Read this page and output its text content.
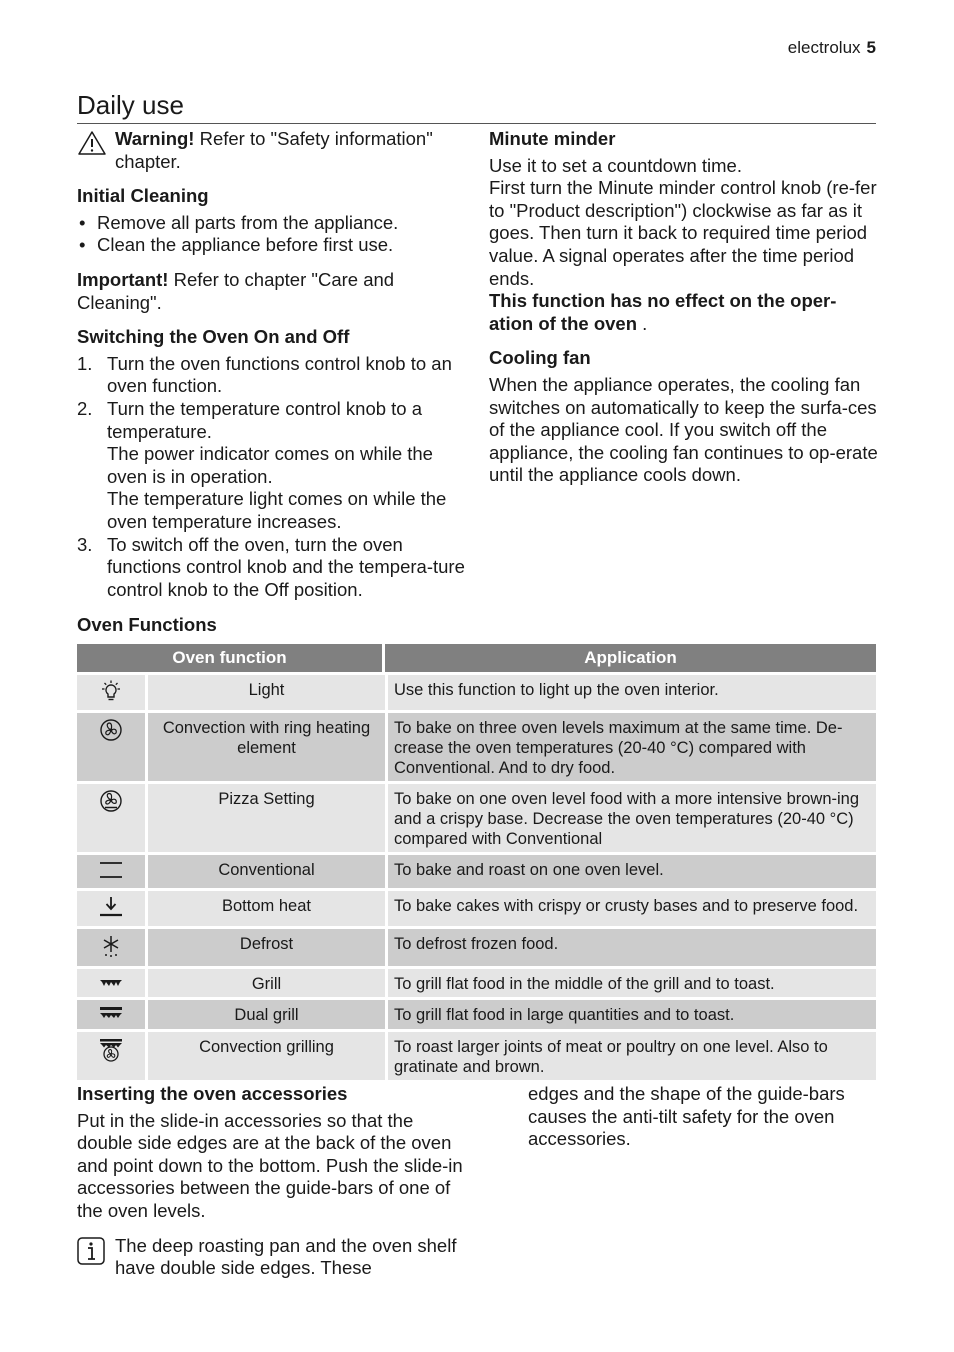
electrolux 5
Daily use
Warning! Refer to "Safety information" chapter.
Initial Cleaning
• Remove all parts from the appliance.
• Clean the appliance before first use.

Important! Refer to chapter "Care and Cleaning".

Switching the Oven On and Off
1. Turn the oven functions control knob to an oven function.
2. Turn the temperature control knob to a temperature.
The power indicator comes on while the oven is in operation.
The temperature light comes on while the oven temperature increases.
3. To switch off the oven, turn the oven functions control knob and the tempera-ture control knob to the Off position.
Minute minder

Use it to set a countdown time.

First turn the Minute minder control knob (re-fer to "Product description") clockwise as far as it goes. Then turn it back to required time period value. A signal operates after the time period ends.

This function has no effect on the oper-ation of the oven .

Cooling fan

When the appliance operates, the cooling fan switches on automatically to keep the surfa-ces of the appliance cool. If you switch off the appliance, the cooling fan continues to op-erate until the appliance cools down.

Oven Functions
Oven function		Application
	Light	Use this function to light up the oven interior.
	Convection with ring heating element	To bake on three oven levels maximum at the same time. De-crease the oven temperatures (20-40 °C) compared with Conventional. And to dry food.
	Pizza Setting	To bake on one oven level food with a more intensive brown-ing and a crispy base. Decrease the oven temperatures (20-40 °C) compared with Conventional
	Conventional	To bake and roast on one oven level.
	Bottom heat	To bake cakes with crispy or crusty bases and to preserve food.
	Defrost	To defrost frozen food.
	Grill	To grill flat food in the middle of the grill and to toast.
	Dual grill	To grill flat food in large quantities and to toast.
	Convection grilling	To roast larger joints of meat or poultry on one level. Also to gratinate and brown.
Inserting the oven accessories

Put in the slide-in accessories so that the double side edges are at the back of the oven and point down to the bottom. Push the slide-in accessories between the guide-bars of one of the oven levels.

The deep roasting pan and the oven shelf have double side edges. These

edges and the shape of the guide-bars causes the anti-tilt safety for the oven accessories.
